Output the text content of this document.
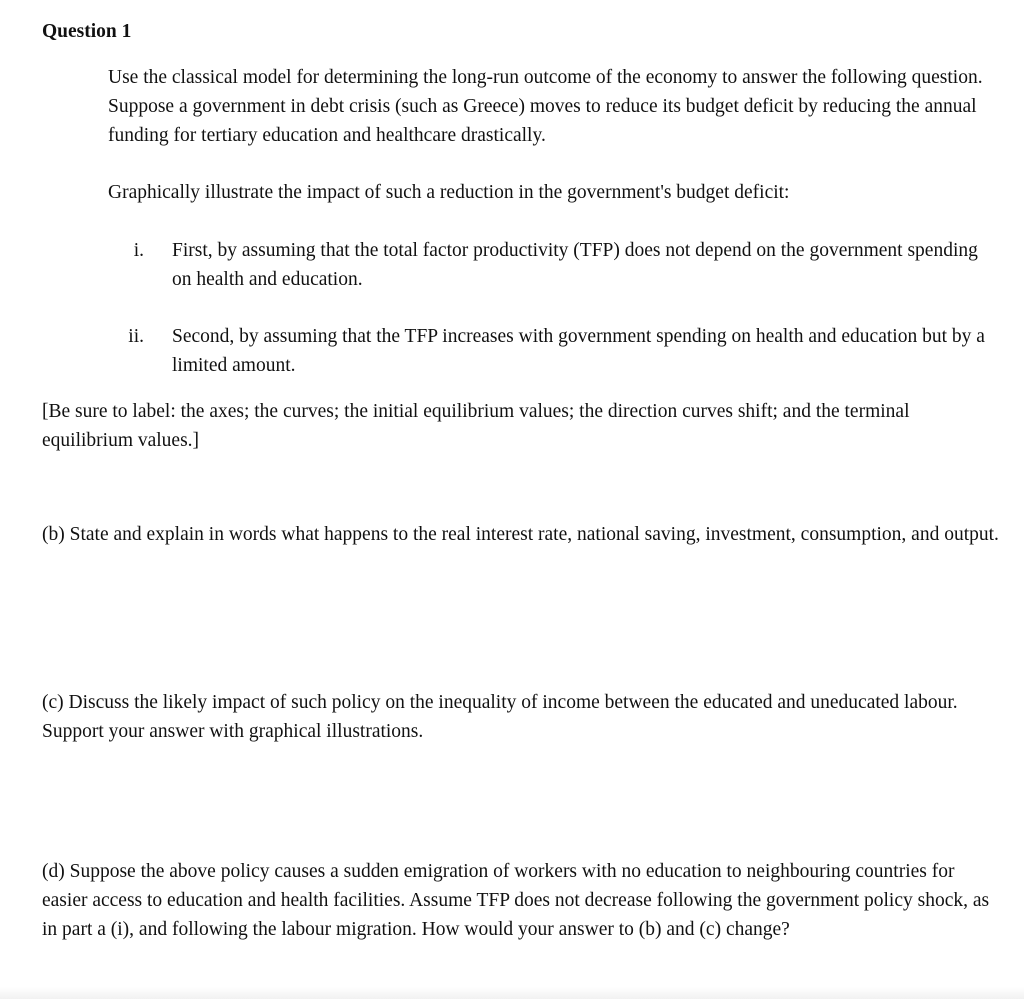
Question 1

Use the classical model for determining the long-run outcome of the economy to answer the following question. Suppose a government in debt crisis (such as Greece) moves to reduce its budget deficit by reducing the annual funding for tertiary education and healthcare drastically.

Graphically illustrate the impact of such a reduction in the government's budget deficit:

i. First, by assuming that the total factor productivity (TFP) does not depend on the government spending on health and education.
ii. Second, by assuming that the TFP increases with government spending on health and education but by a limited amount.

[Be sure to label: the axes; the curves; the initial equilibrium values; the direction curves shift; and the terminal equilibrium values.]

(b) State and explain in words what happens to the real interest rate, national saving, investment, consumption, and output.

(c) Discuss the likely impact of such policy on the inequality of income between the educated and uneducated labour. Support your answer with graphical illustrations.

(d) Suppose the above policy causes a sudden emigration of workers with no education to neighbouring countries for easier access to education and health facilities. Assume TFP does not decrease following the government policy shock, as in part a (i), and following the labour migration. How would your answer to (b) and (c) change?
